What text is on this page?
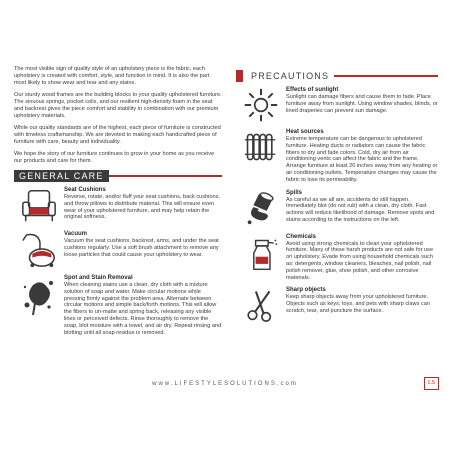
The most visible sign of quality style of an upholstery piece is the fabric, each upholstery is created with comfort, style, and function in mind. It is also the part most likely to show wear and tear and any stains.

Our sturdy wood frames are the building blocks to your quality upholstered furniture. The sinuous springs, pocket coils, and our resilient high-density foam in the seat and backrest gives the piece comfort and stability in combination with our premium upholstery materials.

While our quality standards are of the highest, each piece of furniture is constructed with timeless craftsmanship. We are devoted to making each handcrafted piece of furniture with care, beauty and individuality.

We hope the story of our furniture continues to grow in your home as you receive our products and care for them.

GENERAL CARE

Seat Cushions

Reverse, rotate, and/or fluff your seat cushions, back cushions, and throw pillows to distribute material. This will ensure even wear of your upholstered furniture, and may help retain the original softness.

Vacuum

Vacuum the seat cushions, backrest, arms, and under the seat cushions regularly. Use a soft brush attachment to remove any loose particles that could cause your upholstery to wear.

Spot and Stain Removal

When cleaning stains use a clean, dry cloth with a mixture solution of soap and water. Make circular motions while pressing firmly against the problem area. Alternate between circular motions and simple back/forth motions. This will allow the fibers to un-matte and spring back, releasing any visible lines or perceived defects. Rinse thoroughly to remove the soap, blot moisture with a towel, and air dry. Repeat rinsing and blotting until all soap residue is removed.

PRECAUTIONS

Effects of sunlight

Sunlight can damage fibers and cause them to fade. Place furniture away from sunlight. Using window shades, blinds, or lined draperies can prevent sun damage.

Heat sources

Extreme temperature can be dangerous to upholstered furniture. Heating ducts or radiators can cause the fabric fibers to dry and fade colors. Cold, dry air from air conditioning vents can affect the fabric and the frame. Arrange furniture at least 20 inches away from any heating or air conditioning outlets. Temperature changes may cause the fabric to lose its permeability.

Spills

As careful as we all are, accidents do still happen. Immediately blot (do not rub) with a clean, dry cloth. Fast actions will reduce likelihood of damage. Remove spots and stains according to the instructions on the left.

Chemicals

Avoid using strong chemicals to clean your upholstered furniture. Many of these harsh products are not safe for use on upholstery. Evade from using household chemicals such as: detergents, window cleaners, bleaches, nail polish, nail polish remover, glue, shoe polish, and other corrosive materials.

Sharp objects

Keep sharp objects away from your upholstered furniture. Objects such as keys, toys, and pets with sharp claws can scratch, tear, and puncture the surface.

www.LIFESTYLESOLUTIONS.com	LS
